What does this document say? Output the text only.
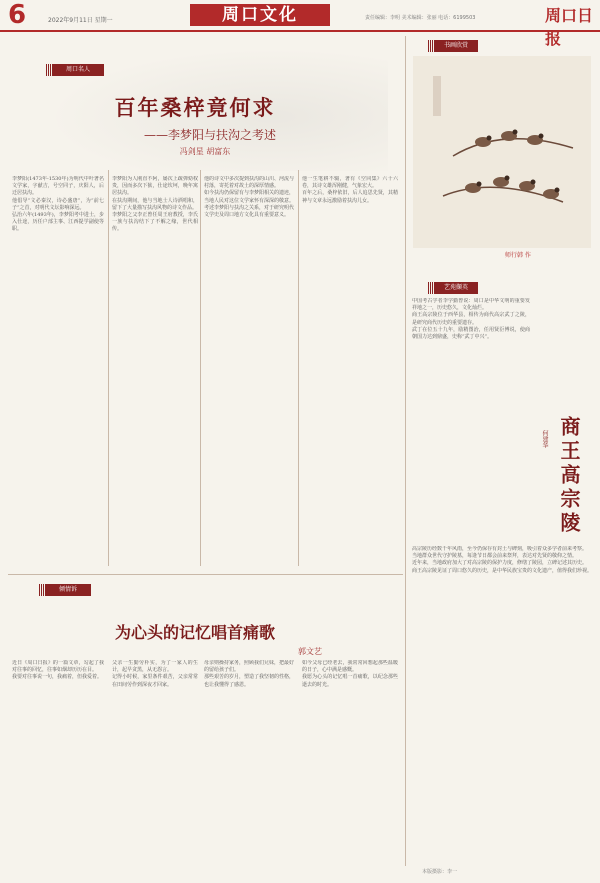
6	2022年9月11日 星期一	周口文化	责任编辑：李明 美术编辑：张丽 电话：6199503	周口日报
周口名人
百年桑梓竟何求
——李梦阳与扶沟之考述
冯剑星 胡富东
李梦阳(1473年-1530年)为明代中叶著名文学家，字献吉，号空同子，庆阳人，后迁居扶沟。
他倡导“文必秦汉，诗必盛唐”，为“前七子”之首，对明代文坛影响深远。
弘治六年(1493年)，李梦阳考中进士，步入仕途，历任户部主事、江西提学副使等职。
李梦阳为人刚直不阿，屡次上疏弹劾权贵，因而多次下狱，仕途坎坷，晚年寓居扶沟。
在扶沟期间，他与当地士人诗酒唱和，留下了大量描写扶沟风物的诗文作品。
李梦阳之父李正曾任周王府教授，李氏一族与扶沟结下了不解之缘，世代相传。
他的诗文中多次提到扶沟的山川、河流与村落，寄托着对故土的深厚情感。
如今扶沟仍保留有与李梦阳相关的遗迹，当地人民对这位文学家怀有深深的敬意。
考述李梦阳与扶沟之关系，对于研究明代文学史及周口地方文化具有重要意义。
他一生笔耕不辍，著有《空同集》六十六卷，其诗文雄浑刚健，气象宏大。
百年之后，桑梓依旧，后人追思先贤，其精神与文章永远激励着扶沟儿女。
倾情诉
为心头的记忆唱首痛歌
郭文艺
近日《周口日报》的一篇文章，勾起了我对往事的回忆，往事如烟却历历在目。
我要对往事说一句，我痛着，但我爱着。
父亲一生勤劳朴实，为了一家人的生计，起早贪黑，从无怨言。
记得小时候，家里条件艰苦，父亲常常在田间劳作到深夜才回家。
母亲则操持家务，照顾我们兄妹，把最好的留给孩子们。
那些艰苦的岁月，塑造了我坚韧的性格，也让我懂得了感恩。
如今父母已经老去，我常常回想起那些温暖的日子，心中满是感慨。
我愿为心头的记忆唱一首痛歌，以纪念那些逝去的时光。
书画欣赏
师行韩 作
艺苑撷英
商王高宗陵
何建华
中国考古学者李学勤曾说：周口是中华文明的重要发祥地之一，历史悠久，文化灿烂。
商王高宗陵位于西华县，相传为商代高宗武丁之陵，是研究商代历史的重要遗存。
武丁在位五十九年，励精图治，任用贤臣傅说，使商朝国力达到鼎盛，史称“武丁中兴”。
高宗陵历经数千年风雨，至今仍保存有封土与碑刻，吸引着众多学者前来考察。
当地群众世代守护陵墓，每逢节日都会前来祭拜，表达对先贤的敬仰之情。
近年来，当地政府加大了对高宗陵的保护力度，修缮了陵园，立碑记述其历史。
商王高宗陵见证了周口悠久的历史，是中华民族宝贵的文化遗产，值得我们珍视。
本版摄影：李一
